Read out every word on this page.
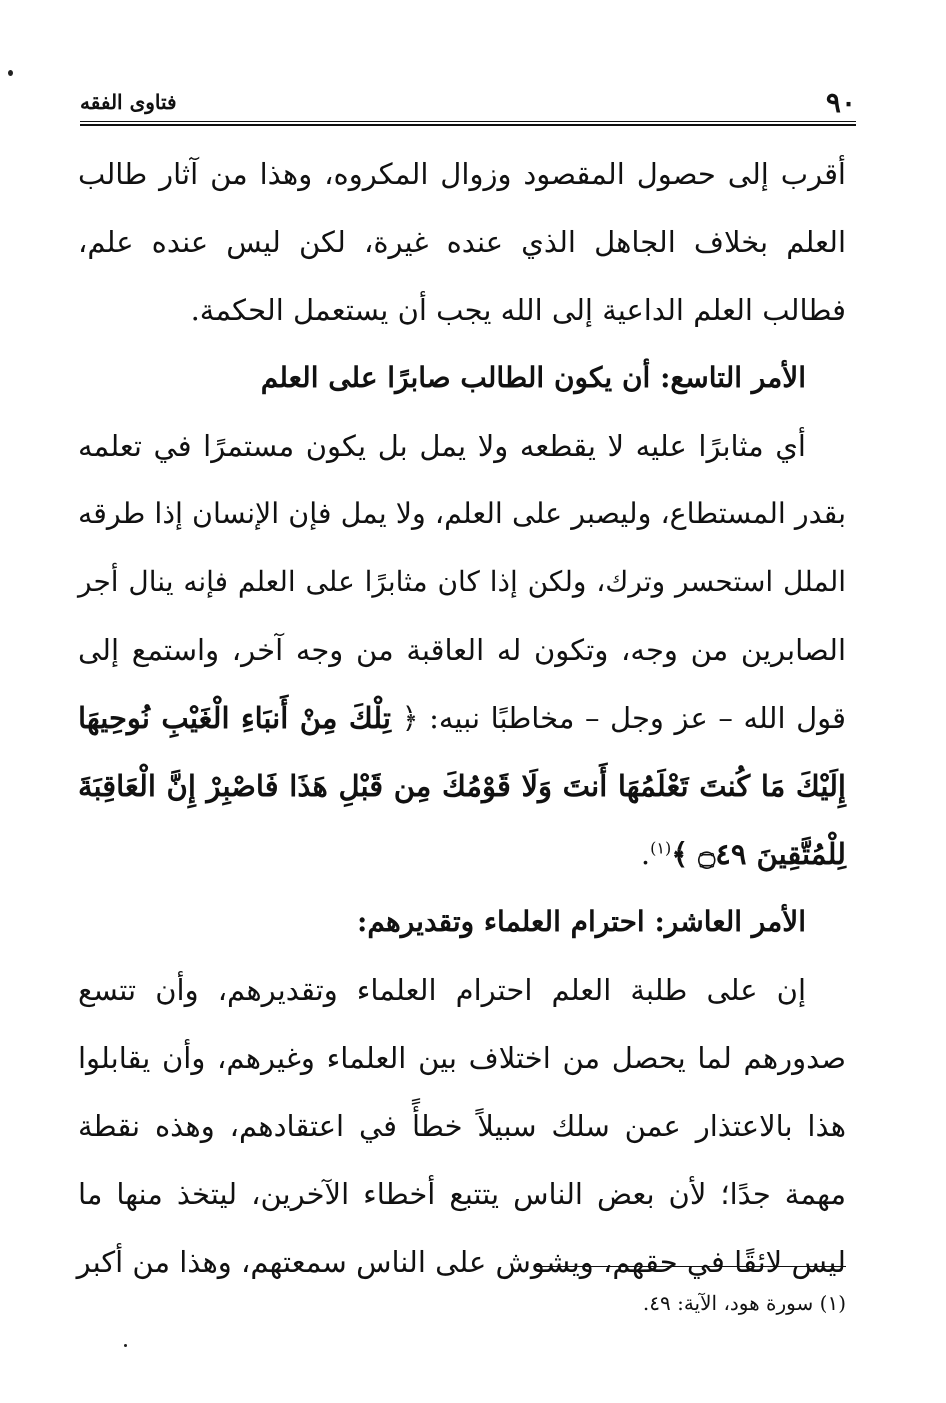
٩٠
فتاوى الفقه
أقرب إلى حصول المقصود وزوال المكروه، وهذا من آثار طالب
العلم بخلاف الجاهل الذي عنده غيرة، لكن ليس عنده علم،
فطالب العلم الداعية إلى الله يجب أن يستعمل الحكمة.
الأمر التاسع: أن يكون الطالب صابرًا على العلم
أي مثابرًا عليه لا يقطعه ولا يمل بل يكون مستمرًا في تعلمه
بقدر المستطاع، وليصبر على العلم، ولا يمل فإن الإنسان إذا طرقه
الملل استحسر وترك، ولكن إذا كان مثابرًا على العلم فإنه ينال أجر
الصابرين من وجه، وتكون له العاقبة من وجه آخر، واستمع إلى
قول الله – عز وجل – مخاطبًا نبيه: ﴿ تِلْكَ مِنْ أَنبَاءِ الْغَيْبِ نُوحِيهَا
إِلَيْكَ مَا كُنتَ تَعْلَمُهَا أَنتَ وَلَا قَوْمُكَ مِن قَبْلِ هَذَا فَاصْبِرْ إِنَّ الْعَاقِبَةَ
لِلْمُتَّقِينَ ۝٤٩ ﴾$^{(١)}$.
الأمر العاشر: احترام العلماء وتقديرهم:
إن على طلبة العلم احترام العلماء وتقديرهم، وأن تتسع
صدورهم لما يحصل من اختلاف بين العلماء وغيرهم، وأن يقابلوا
هذا بالاعتذار عمن سلك سبيلاً خطأً في اعتقادهم، وهذه نقطة
مهمة جدًا؛ لأن بعض الناس يتتبع أخطاء الآخرين، ليتخذ منها ما
ليس لائقًا في حقهم، ويشوش على الناس سمعتهم، وهذا من أكبر
(١) سورة هود، الآية: ٤٩.
